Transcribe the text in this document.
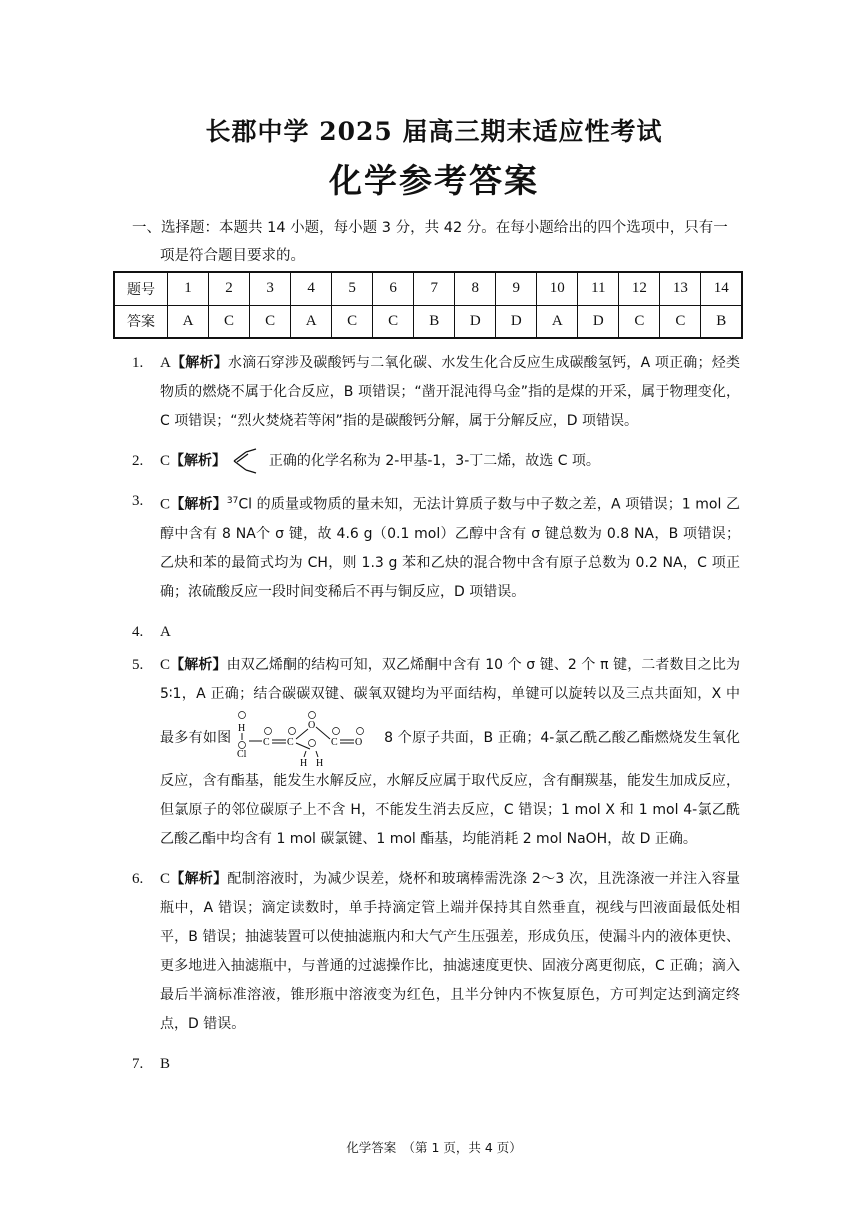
长郡中学 2025 届高三期末适应性考试
化学参考答案
一、选择题：本题共 14 小题，每小题 3 分，共 42 分。在每小题给出的四个选项中，只有一
项是符合题目要求的。
题号	1	2	3	4	5	6	7	8	9	10	11	12	13	14
答案	A	C	C	A	C	C	B	D	D	A	D	C	C	B
1.	A【解析】水滴石穿涉及碳酸钙与二氧化碳、水发生化合反应生成碳酸氢钙，A 项正确；烃类物质的燃烧不属于化合反应，B 项错误；“凿开混沌得乌金”指的是煤的开采，属于物理变化，C 项错误；“烈火焚烧若等闲”指的是碳酸钙分解，属于分解反应，D 项错误。
2.	C【解析】	正确的化学名称为 2-甲基-1，3-丁二烯，故选 C 项。
3.	C【解析】$^{37}$Cl 的质量或物质的量未知，无法计算质子数与中子数之差，A 项错误；1 mol 乙醇中含有 8 NA个 σ 键，故 4.6 g（0.1 mol）乙醇中含有 σ 键总数为 0.8 NA，B 项错误；乙炔和苯的最简式均为 CH，则 1.3 g 苯和乙炔的混合物中含有原子总数为 0.2 NA，C 项正确；浓硫酸反应一段时间变稀后不再与铜反应，D 项错误。
4.	A
5.	C【解析】由双乙烯酮的结构可知，双乙烯酮中含有 10 个 σ 键、2 个 π 键，二者数目之比为 5∶1，A 正确；结合碳碳双键、碳氧双键均为平面结构，单键可以旋转以及三点共面知，X 中最多有如图
H
Cl
C C
O
H H
C O 8 个原子共面，B 正确；4-氯乙酰乙酸乙酯燃烧发生氧化反应，含有酯基，能发生水解反应，水解反应属于取代反应，含有酮羰基，能发生加成反应，但氯原子的邻位碳原子上不含 H，不能发生消去反应，C 错误；1 mol X 和 1 mol 4-氯乙酰乙酸乙酯中均含有 1 mol 碳氯键、1 mol 酯基，均能消耗 2 mol NaOH，故 D 正确。
6.	C【解析】配制溶液时，为减少误差，烧杯和玻璃棒需洗涤 2～3 次，且洗涤液一并注入容量瓶中，A 错误；滴定读数时，单手持滴定管上端并保持其自然垂直，视线与凹液面最低处相平，B 错误；抽滤装置可以使抽滤瓶内和大气产生压强差，形成负压，使漏斗内的液体更快、更多地进入抽滤瓶中，与普通的过滤操作比，抽滤速度更快、固液分离更彻底，C 正确；滴入最后半滴标准溶液，锥形瓶中溶液变为红色，且半分钟内不恢复原色，方可判定达到滴定终点，D 错误。
7.	B
化学答案　（第 1 页，共 4 页）
